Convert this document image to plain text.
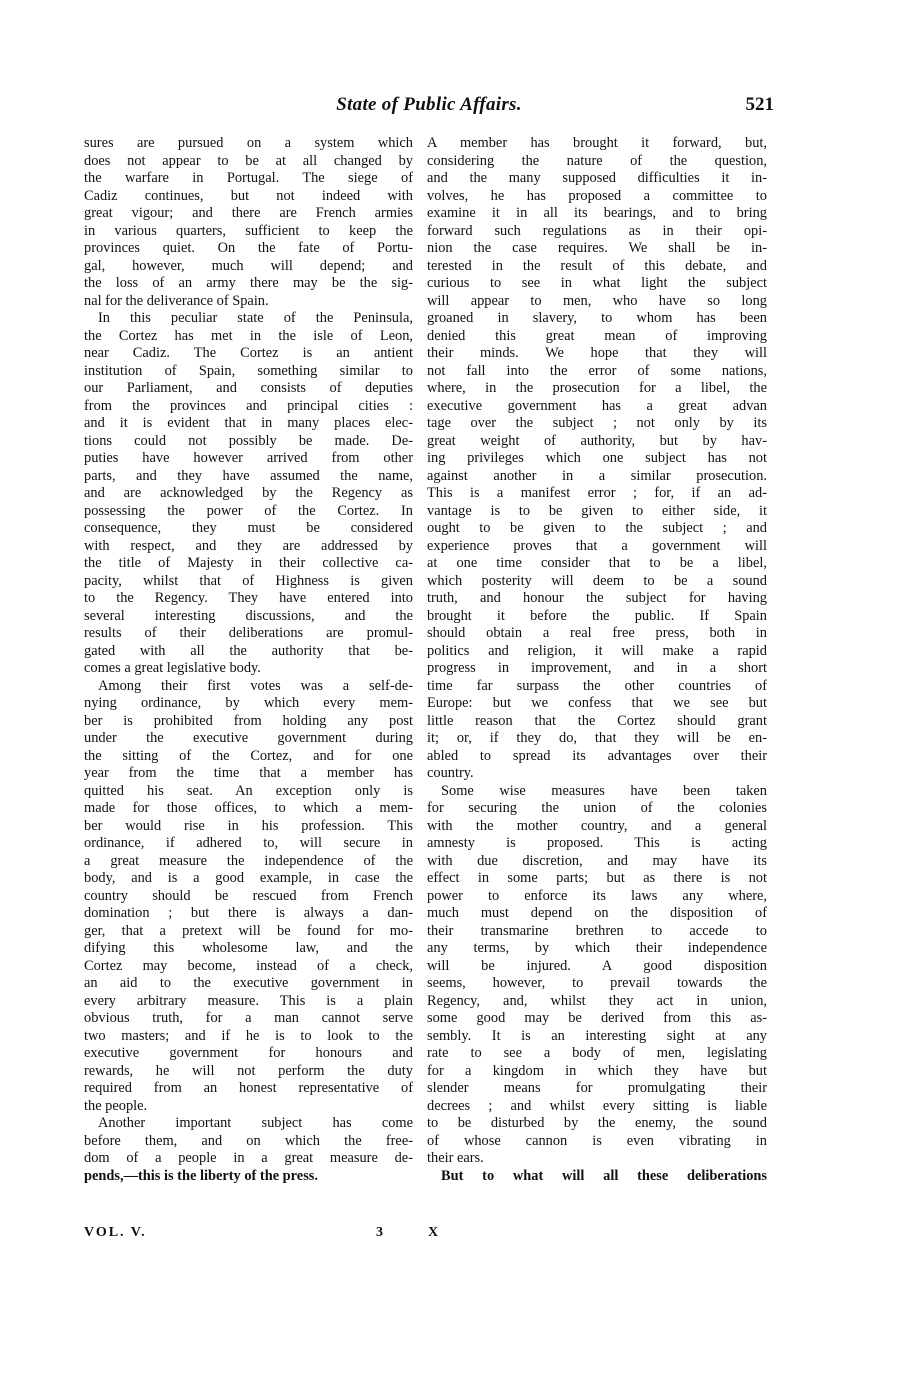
State of Public Affairs.	521
sures are pursued on a system which
does not appear to be at all changed by
the warfare in Portugal. The siege of
Cadiz continues, but not indeed with
great vigour; and there are French armies
in various quarters, sufficient to keep the
provinces quiet. On the fate of Portu-
gal, however, much will depend; and
the loss of an army there may be the sig-
nal for the deliverance of Spain.
In this peculiar state of the Peninsula,
the Cortez has met in the isle of Leon,
near Cadiz. The Cortez is an antient
institution of Spain, something similar to
our Parliament, and consists of deputies
from the provinces and principal cities :
and it is evident that in many places elec-
tions could not possibly be made. De-
puties have however arrived from other
parts, and they have assumed the name,
and are acknowledged by the Regency as
possessing the power of the Cortez. In
consequence, they must be considered
with respect, and they are addressed by
the title of Majesty in their collective ca-
pacity, whilst that of Highness is given
to the Regency. They have entered into
several interesting discussions, and the
results of their deliberations are promul-
gated with all the authority that be-
comes a great legislative body.
Among their first votes was a self-de-
nying ordinance, by which every mem-
ber is prohibited from holding any post
under the executive government during
the sitting of the Cortez, and for one
year from the time that a member has
quitted his seat. An exception only is
made for those offices, to which a mem-
ber would rise in his profession. This
ordinance, if adhered to, will secure in
a great measure the independence of the
body, and is a good example, in case the
country should be rescued from French
domination ; but there is always a dan-
ger, that a pretext will be found for mo-
difying this wholesome law, and the
Cortez may become, instead of a check,
an aid to the executive government in
every arbitrary measure. This is a plain
obvious truth, for a man cannot serve
two masters; and if he is to look to the
executive government for honours and
rewards, he will not perform the duty
required from an honest representative of
the people.
Another important subject has come
before them, and on which the free-
dom of a people in a great measure de-
pends,—this is the liberty of the press.
A member has brought it forward, but,
considering the nature of the question,
and the many supposed difficulties it in-
volves, he has proposed a committee to
examine it in all its bearings, and to bring
forward such regulations as in their opi-
nion the case requires. We shall be in-
terested in the result of this debate, and
curious to see in what light the subject
will appear to men, who have so long
groaned in slavery, to whom has been
denied this great mean of improving
their minds. We hope that they will
not fall into the error of some nations,
where, in the prosecution for a libel, the
executive government has a great advan
tage over the subject ; not only by its
great weight of authority, but by hav-
ing privileges which one subject has not
against another in a similar prosecution.
This is a manifest error ; for, if an ad-
vantage is to be given to either side, it
ought to be given to the subject ; and
experience proves that a government will
at one time consider that to be a libel,
which posterity will deem to be a sound
truth, and honour the subject for having
brought it before the public. If Spain
should obtain a real free press, both in
politics and religion, it will make a rapid
progress in improvement, and in a short
time far surpass the other countries of
Europe: but we confess that we see but
little reason that the Cortez should grant
it; or, if they do, that they will be en-
abled to spread its advantages over their
country.
Some wise measures have been taken
for securing the union of the colonies
with the mother country, and a general
amnesty is proposed. This is acting
with due discretion, and may have its
effect in some parts; but as there is not
power to enforce its laws any where,
much must depend on the disposition of
their transmarine brethren to accede to
any terms, by which their independence
will be injured. A good disposition
seems, however, to prevail towards the
Regency, and, whilst they act in union,
some good may be derived from this as-
sembly. It is an interesting sight at any
rate to see a body of men, legislating
for a kingdom in which they have but
slender means for promulgating their
decrees ; and whilst every sitting is liable
to be disturbed by the enemy, the sound
of whose cannon is even vibrating in
their ears.
But to what will all these deliberations
VOL. V.	3	X
